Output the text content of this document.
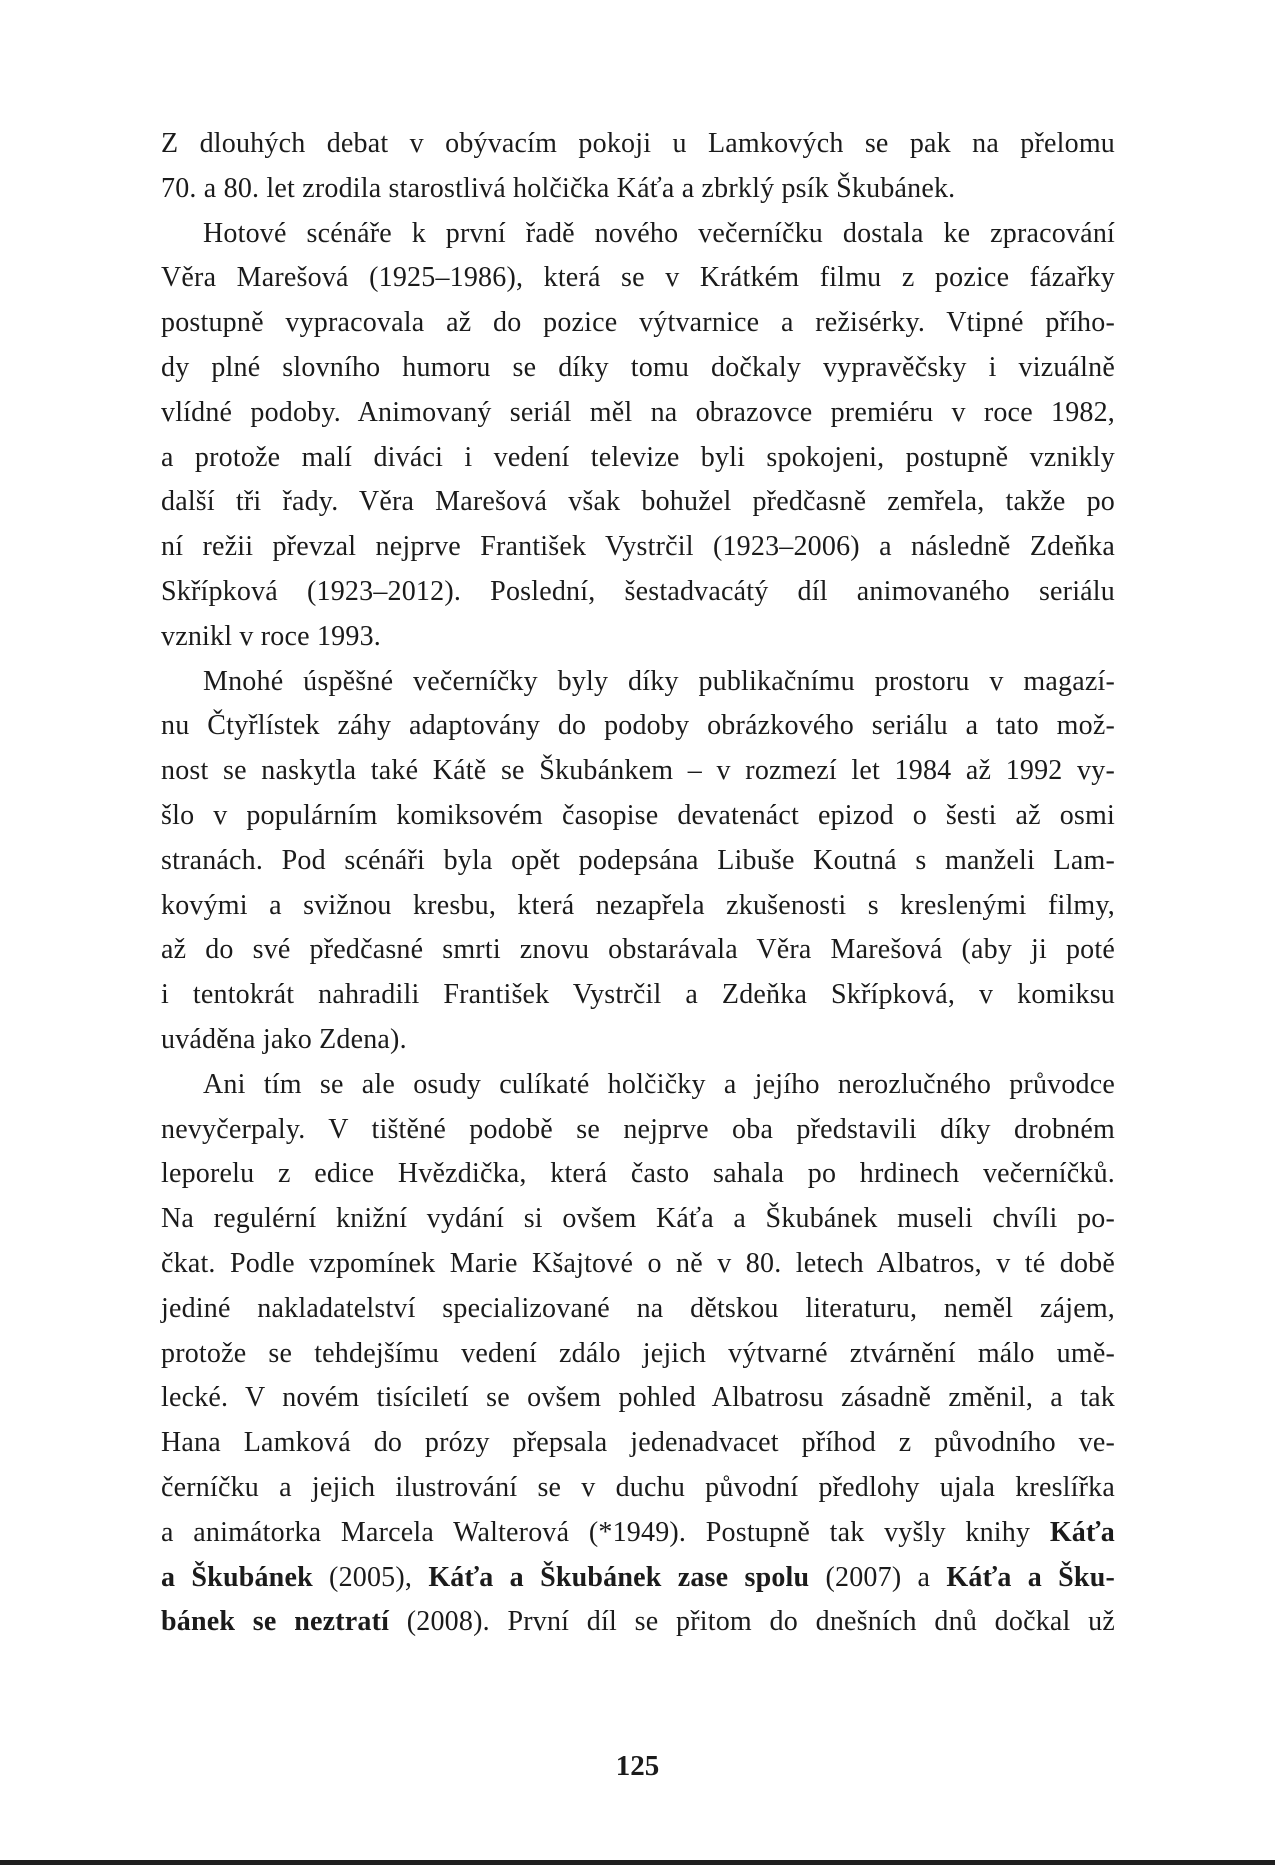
Z dlouhých debat v obývacím pokoji u Lamkových se pak na přelomu
70. a 80. let zrodila starostlivá holčička Káťa a zbrklý psík Škubánek.
Hotové scénáře k první řadě nového večerníčku dostala ke zpracování
Věra Marešová (1925–1986), která se v Krátkém filmu z pozice fázařky
postupně vypracovala až do pozice výtvarnice a režisérky. Vtipné přího-
dy plné slovního humoru se díky tomu dočkaly vypravěčsky i vizuálně
vlídné podoby. Animovaný seriál měl na obrazovce premiéru v roce 1982,
a protože malí diváci i vedení televize byli spokojeni, postupně vznikly
další tři řady. Věra Marešová však bohužel předčasně zemřela, takže po
ní režii převzal nejprve František Vystrčil (1923–2006) a následně Zdeňka
Skřípková (1923–2012). Poslední, šestadvacátý díl animovaného seriálu
vznikl v roce 1993.
Mnohé úspěšné večerníčky byly díky publikačnímu prostoru v magazí-
nu Čtyřlístek záhy adaptovány do podoby obrázkového seriálu a tato mož-
nost se naskytla také Kátě se Škubánkem – v rozmezí let 1984 až 1992 vy-
šlo v populárním komiksovém časopise devatenáct epizod o šesti až osmi
stranách. Pod scénáři byla opět podepsána Libuše Koutná s manželi Lam-
kovými a svižnou kresbu, která nezapřela zkušenosti s kreslenými filmy,
až do své předčasné smrti znovu obstarávala Věra Marešová (aby ji poté
i tentokrát nahradili František Vystrčil a Zdeňka Skřípková, v komiksu
uváděna jako Zdena).
Ani tím se ale osudy culíkaté holčičky a jejího nerozlučného průvodce
nevyčerpaly. V tištěné podobě se nejprve oba představili díky drobném
leporelu z edice Hvězdička, která často sahala po hrdinech večerníčků.
Na regulérní knižní vydání si ovšem Káťa a Škubánek museli chvíli po-
čkat. Podle vzpomínek Marie Kšajtové o ně v 80. letech Albatros, v té době
jediné nakladatelství specializované na dětskou literaturu, neměl zájem,
protože se tehdejšímu vedení zdálo jejich výtvarné ztvárnění málo umě-
lecké. V novém tisíciletí se ovšem pohled Albatrosu zásadně změnil, a tak
Hana Lamková do prózy přepsala jedenadvacet příhod z původního ve-
černíčku a jejich ilustrování se v duchu původní předlohy ujala kreslířka
a animátorka Marcela Walterová (*1949). Postupně tak vyšly knihy Káťa
a Škubánek (2005), Káťa a Škubánek zase spolu (2007) a Káťa a Šku-
bánek se neztratí (2008). První díl se přitom do dnešních dnů dočkal už
125
